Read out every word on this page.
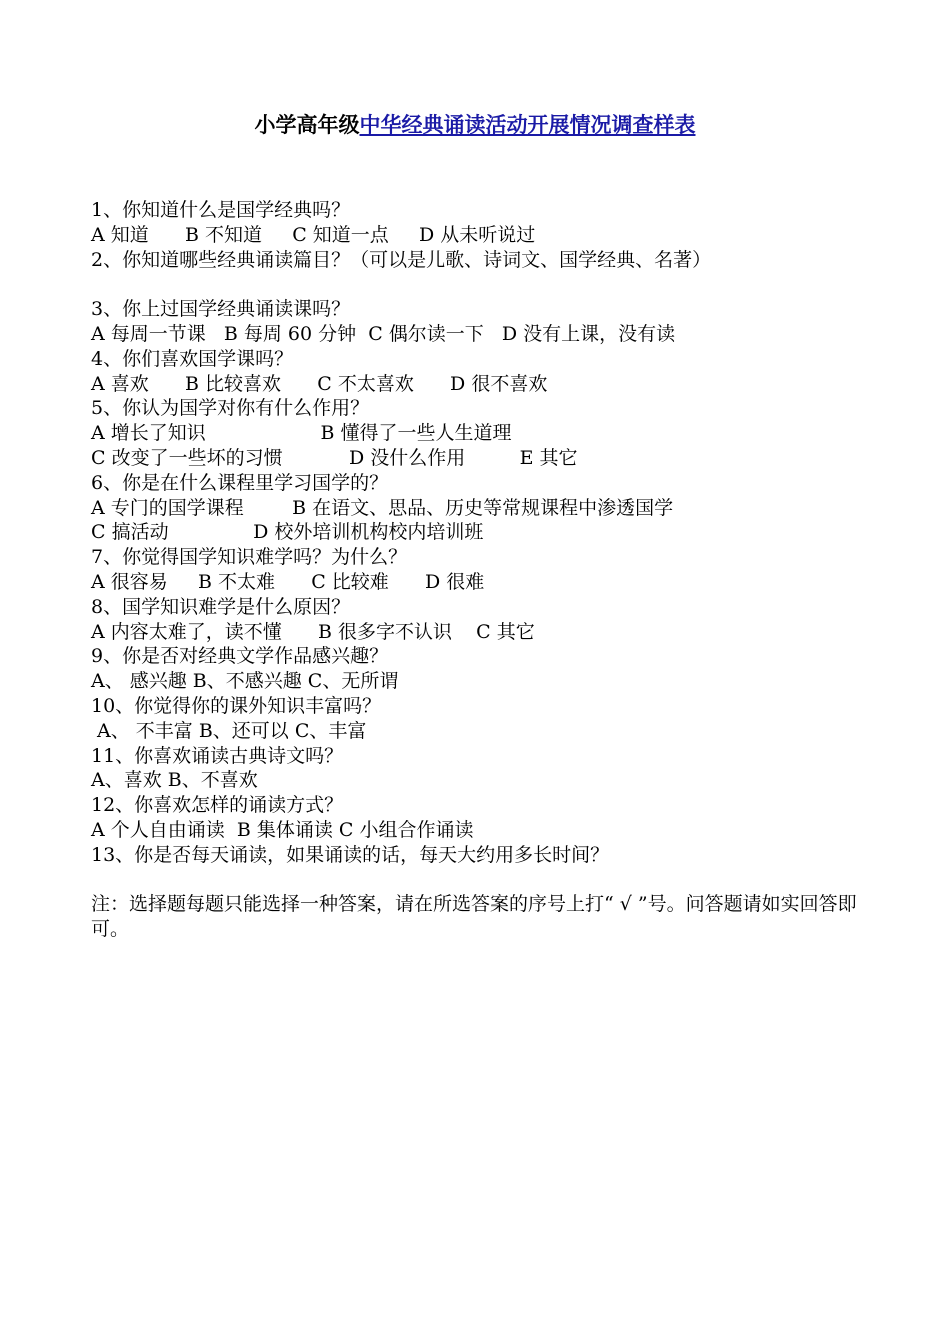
小学高年级中华经典诵读活动开展情况调查样表
1、你知道什么是国学经典吗？
A 知道      B 不知道     C 知道一点     D 从未听说过
2、你知道哪些经典诵读篇目？（可以是儿歌、诗词文、国学经典、名著）
3、你上过国学经典诵读课吗？
A 每周一节课   B 每周 60 分钟  C 偶尔读一下   D 没有上课，没有读
4、你们喜欢国学课吗？
A 喜欢      B 比较喜欢      C 不太喜欢      D 很不喜欢
5、你认为国学对你有什么作用？
A 增长了知识                   B 懂得了一些人生道理
C 改变了一些坏的习惯           D 没什么作用         E 其它
6、你是在什么课程里学习国学的？
A 专门的国学课程        B 在语文、思品、历史等常规课程中渗透国学
C 搞活动              D 校外培训机构校内培训班
7、你觉得国学知识难学吗？为什么？
A 很容易     B 不太难      C 比较难      D 很难
8、国学知识难学是什么原因？
A 内容太难了，读不懂      B 很多字不认识    C 其它
9、你是否对经典文学作品感兴趣？
A、 感兴趣 B、不感兴趣 C、无所谓
10、你觉得你的课外知识丰富吗？
A、 不丰富 B、还可以 C、丰富
11、你喜欢诵读古典诗文吗？
A、喜欢 B、不喜欢
12、你喜欢怎样的诵读方式？
A 个人自由诵读  B 集体诵读 C 小组合作诵读
13、你是否每天诵读，如果诵读的话，每天大约用多长时间？
注：选择题每题只能选择一种答案，请在所选答案的序号上打“ √ ”号。问答题请如实回答即可。
